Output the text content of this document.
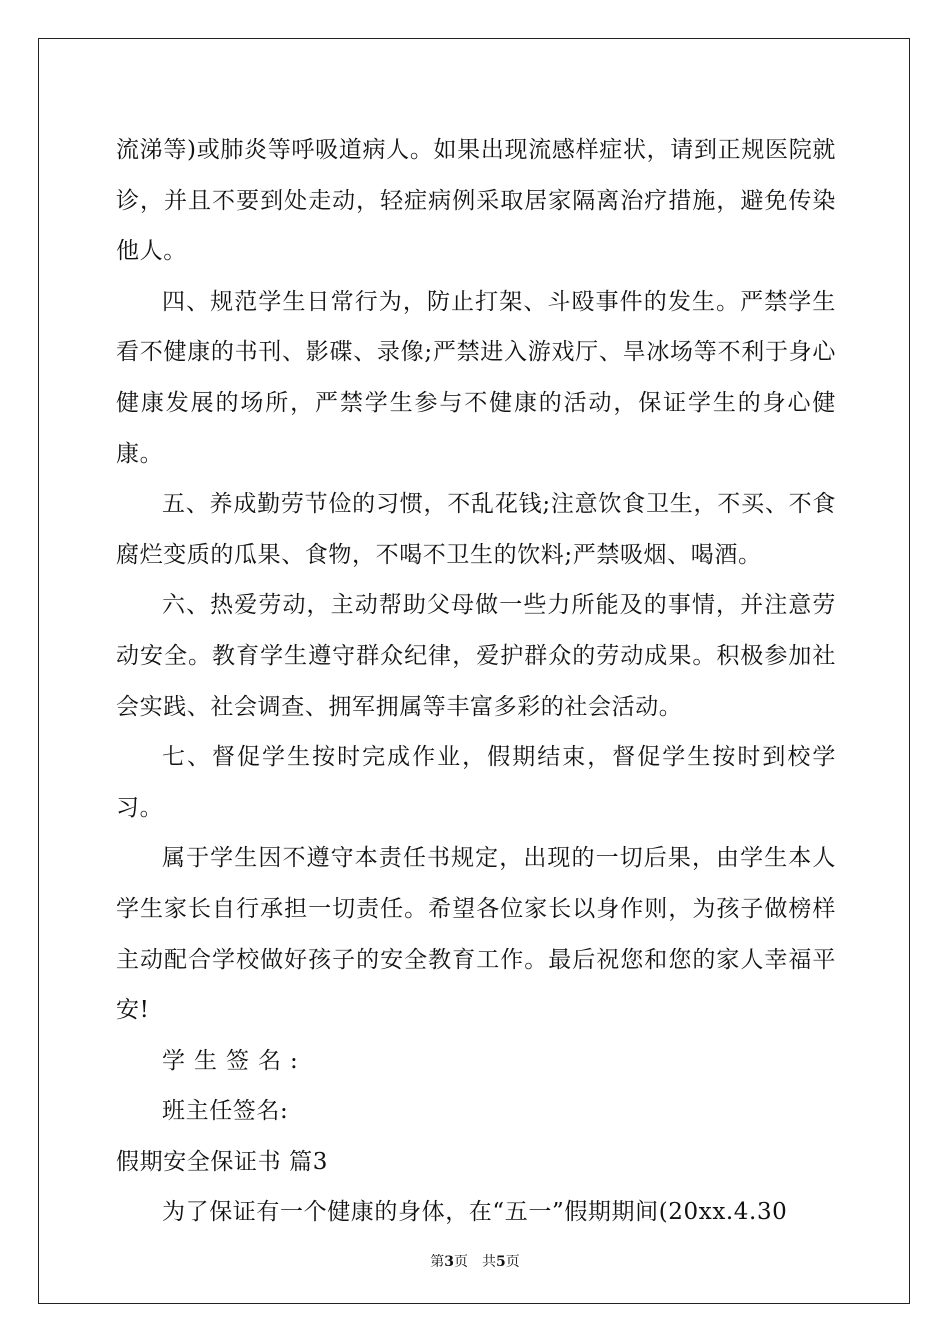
流涕等)或肺炎等呼吸道病人。如果出现流感样症状，请到正规医院就诊，并且不要到处走动，轻症病例采取居家隔离治疗措施，避免传染他人。

四、规范学生日常行为，防止打架、斗殴事件的发生。严禁学生看不健康的书刊、影碟、录像;严禁进入游戏厅、旱冰场等不利于身心健康发展的场所，严禁学生参与不健康的活动，保证学生的身心健康。

五、养成勤劳节俭的习惯，不乱花钱;注意饮食卫生，不买、不食腐烂变质的瓜果、食物，不喝不卫生的饮料;严禁吸烟、喝酒。

六、热爱劳动，主动帮助父母做一些力所能及的事情，并注意劳动安全。教育学生遵守群众纪律，爱护群众的劳动成果。积极参加社会实践、社会调查、拥军拥属等丰富多彩的社会活动。

七、督促学生按时完成作业，假期结束，督促学生按时到校学习。

属于学生因不遵守本责任书规定，出现的一切后果，由学生本人学生家长自行承担一切责任。希望各位家长以身作则，为孩子做榜样主动配合学校做好孩子的安全教育工作。最后祝您和您的家人幸福平安!

学生签名:

班主任签名:

假期安全保证书 篇3

为了保证有一个健康的身体，在“五一”假期期间(20xx.4.30

第3页 共5页
